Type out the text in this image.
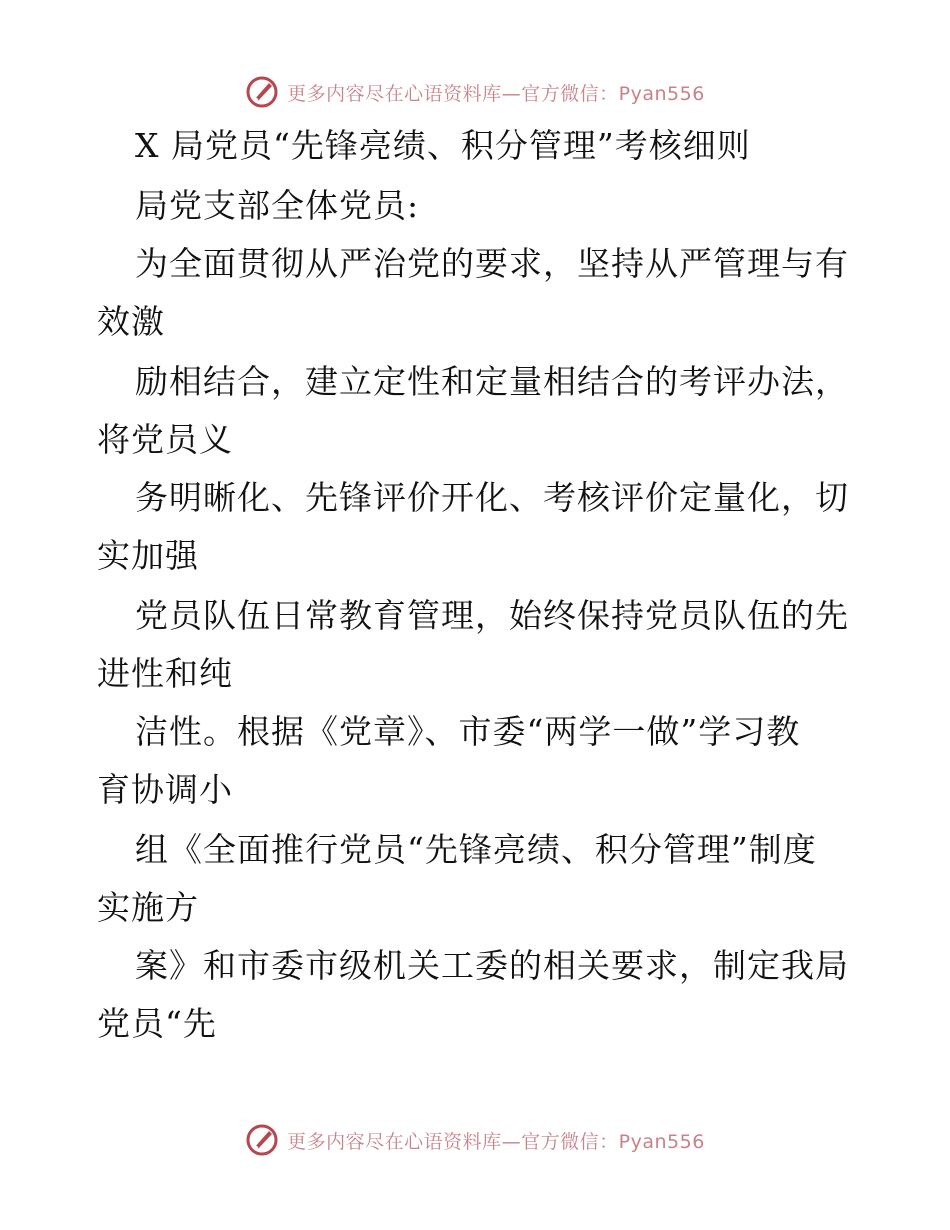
更多内容尽在心语资料库—官方微信：Pyan556
X 局党员“先锋亮绩、积分管理”考核细则
局党支部全体党员:
为全面贯彻从严治党的要求，坚持从严管理与有
效激
励相结合，建立定性和定量相结合的考评办法，
将党员义
务明晰化、先锋评价开化、考核评价定量化，切
实加强
党员队伍日常教育管理，始终保持党员队伍的先
进性和纯
洁性。根据《党章》、市委“两学一做”学习教
育协调小
组《全面推行党员“先锋亮绩、积分管理”制度
实施方
案》和市委市级机关工委的相关要求，制定我局
党员“先
更多内容尽在心语资料库—官方微信：Pyan556
